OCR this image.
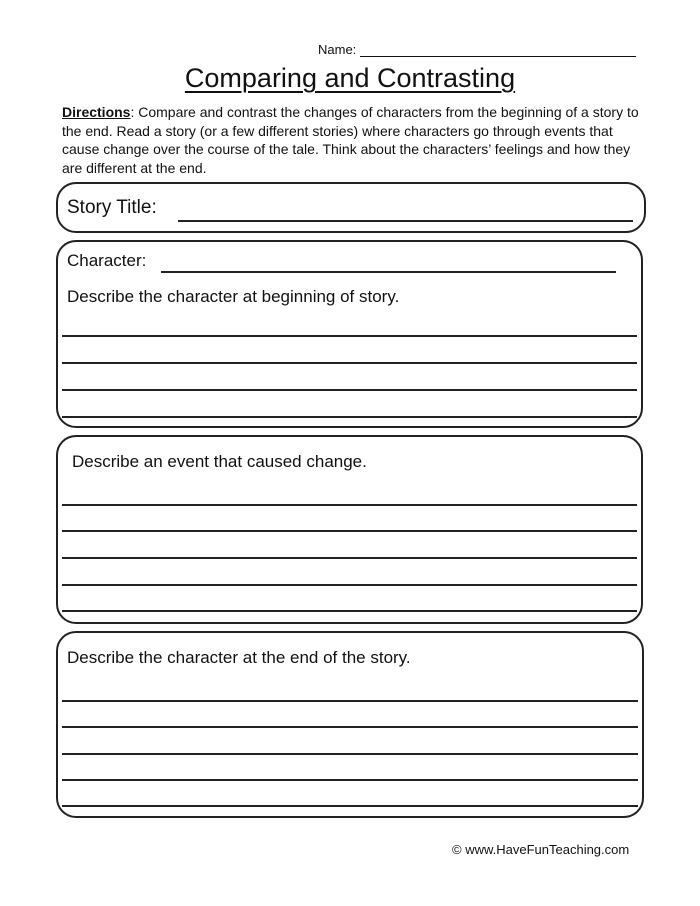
Name:
Comparing and Contrasting
Directions: Compare and contrast the changes of characters from the beginning of a story to the end. Read a story (or a few different stories) where characters go through events that cause change over the course of the tale. Think about the characters’ feelings and how they are different at the end.
Story Title:
Character:
Describe the character at beginning of story.
Describe an event that caused change.
Describe the character at the end of the story.
© www.HaveFunTeaching.com
